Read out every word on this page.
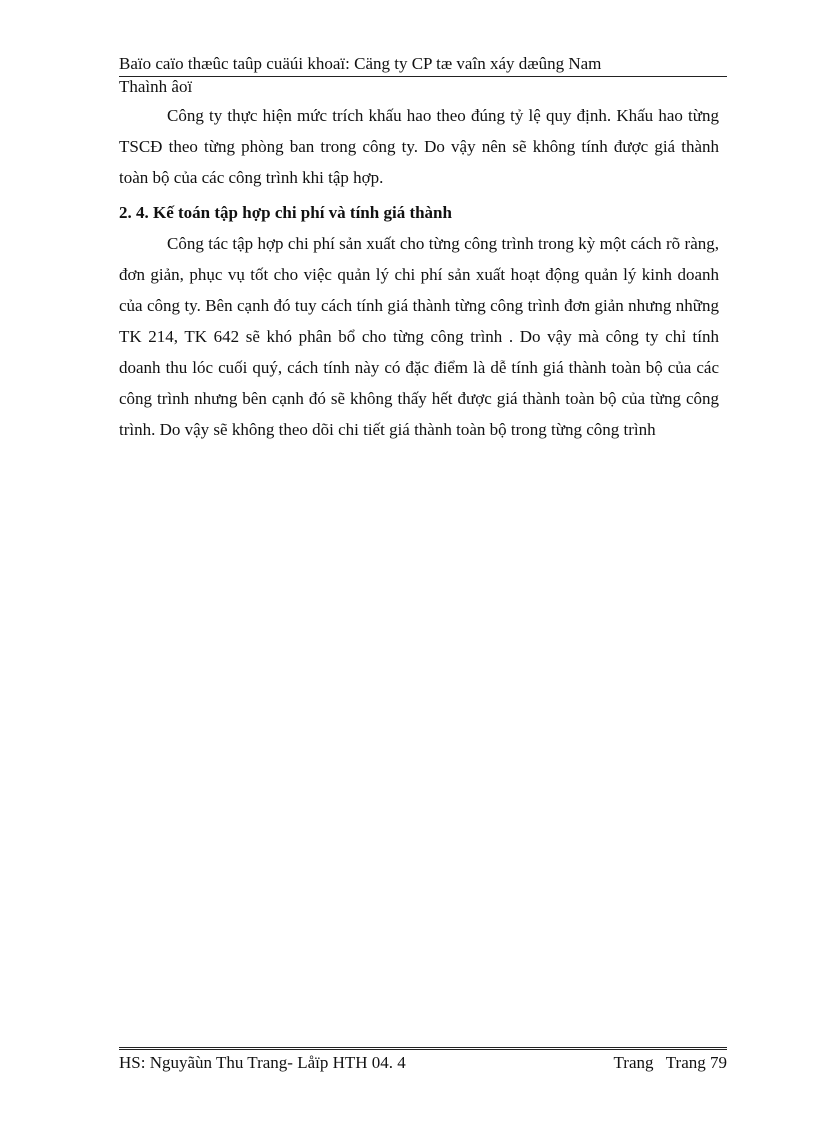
Baïo caïo thæûc taûp cuäúi khoaï: Cäng ty CP tæ vaîn xáy dæûng Nam
Thaình âoï

Công ty thực hiện mức trích khấu hao theo đúng tỷ lệ quy định. Khấu hao từng TSCĐ theo từng phòng ban trong công ty. Do vậy nên sẽ không tính được giá thành toàn bộ của các công trình khi tập hợp.

2. 4. Kế toán tập hợp chi phí và tính giá thành

Công tác tập hợp chi phí sản xuất cho từng công trình trong kỳ một cách rõ ràng, đơn giản, phục vụ tốt cho việc quản lý chi phí sản xuất hoạt động quản lý kinh doanh của công ty. Bên cạnh đó tuy cách tính giá thành từng công trình đơn giản nhưng những TK 214, TK 642 sẽ khó phân bổ cho từng công trình . Do vậy mà công ty chỉ tính doanh thu lóc cuối quý, cách tính này có đặc điểm là dễ tính giá thành toàn bộ của các công trình nhưng bên cạnh đó sẽ không thấy hết được giá thành toàn bộ của từng công trình. Do vậy sẽ không theo dõi chi tiết giá thành toàn bộ trong từng công trình

HS: Nguyãùn Thu Trang- Låïp HTH 04. 4	Trang Trang 79
